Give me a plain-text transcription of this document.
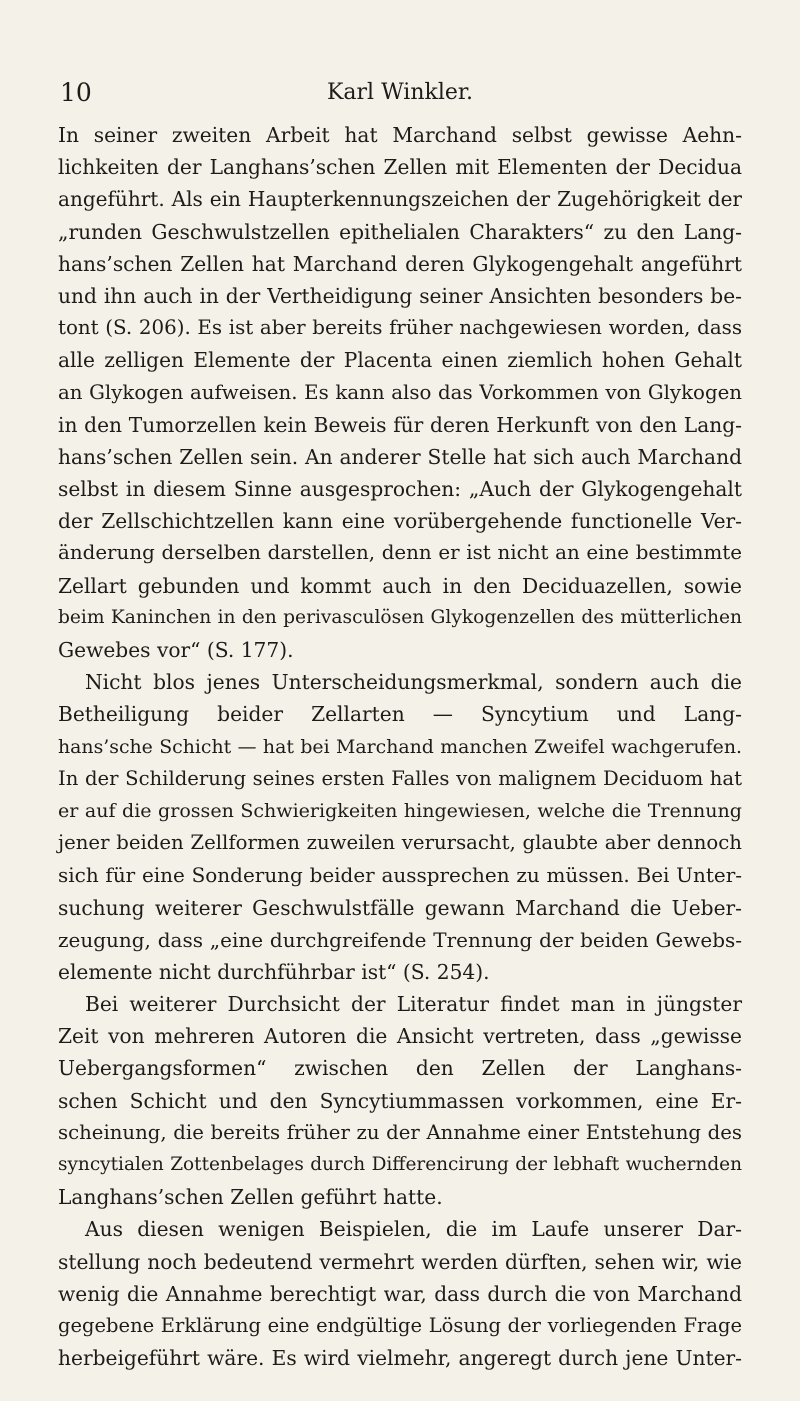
10	Karl Winkler.
In seiner zweiten Arbeit hat Marchand selbst gewisse Aehn-
lichkeiten der Langhans’schen Zellen mit Elementen der Decidua
angeführt. Als ein Haupterkennungszeichen der Zugehörigkeit der
„runden Geschwulstzellen epithelialen Charakters“ zu den Lang-
hans’schen Zellen hat Marchand deren Glykogengehalt angeführt
und ihn auch in der Vertheidigung seiner Ansichten besonders be-
tont (S. 206). Es ist aber bereits früher nachgewiesen worden, dass
alle zelligen Elemente der Placenta einen ziemlich hohen Gehalt
an Glykogen aufweisen. Es kann also das Vorkommen von Glykogen
in den Tumorzellen kein Beweis für deren Herkunft von den Lang-
hans’schen Zellen sein. An anderer Stelle hat sich auch Marchand
selbst in diesem Sinne ausgesprochen: „Auch der Glykogengehalt
der Zellschichtzellen kann eine vorübergehende functionelle Ver-
änderung derselben darstellen, denn er ist nicht an eine bestimmte
Zellart gebunden und kommt auch in den Deciduazellen, sowie
beim Kaninchen in den perivasculösen Glykogenzellen des mütterlichen
Gewebes vor“ (S. 177).
Nicht blos jenes Unterscheidungsmerkmal, sondern auch die
Betheiligung beider Zellarten — Syncytium und Lang-
hans’sche Schicht — hat bei Marchand manchen Zweifel wachgerufen.
In der Schilderung seines ersten Falles von malignem Deciduom hat
er auf die grossen Schwierigkeiten hingewiesen, welche die Trennung
jener beiden Zellformen zuweilen verursacht, glaubte aber dennoch
sich für eine Sonderung beider aussprechen zu müssen. Bei Unter-
suchung weiterer Geschwulstfälle gewann Marchand die Ueber-
zeugung, dass „eine durchgreifende Trennung der beiden Gewebs-
elemente nicht durchführbar ist“ (S. 254).
Bei weiterer Durchsicht der Literatur findet man in jüngster
Zeit von mehreren Autoren die Ansicht vertreten, dass „gewisse
Uebergangsformen“ zwischen den Zellen der Langhans-
schen Schicht und den Syncytiummassen vorkommen, eine Er-
scheinung, die bereits früher zu der Annahme einer Entstehung des
syncytialen Zottenbelages durch Differencirung der lebhaft wuchernden
Langhans’schen Zellen geführt hatte.
Aus diesen wenigen Beispielen, die im Laufe unserer Dar-
stellung noch bedeutend vermehrt werden dürften, sehen wir, wie
wenig die Annahme berechtigt war, dass durch die von Marchand
gegebene Erklärung eine endgültige Lösung der vorliegenden Frage
herbeigeführt wäre. Es wird vielmehr, angeregt durch jene Unter-
